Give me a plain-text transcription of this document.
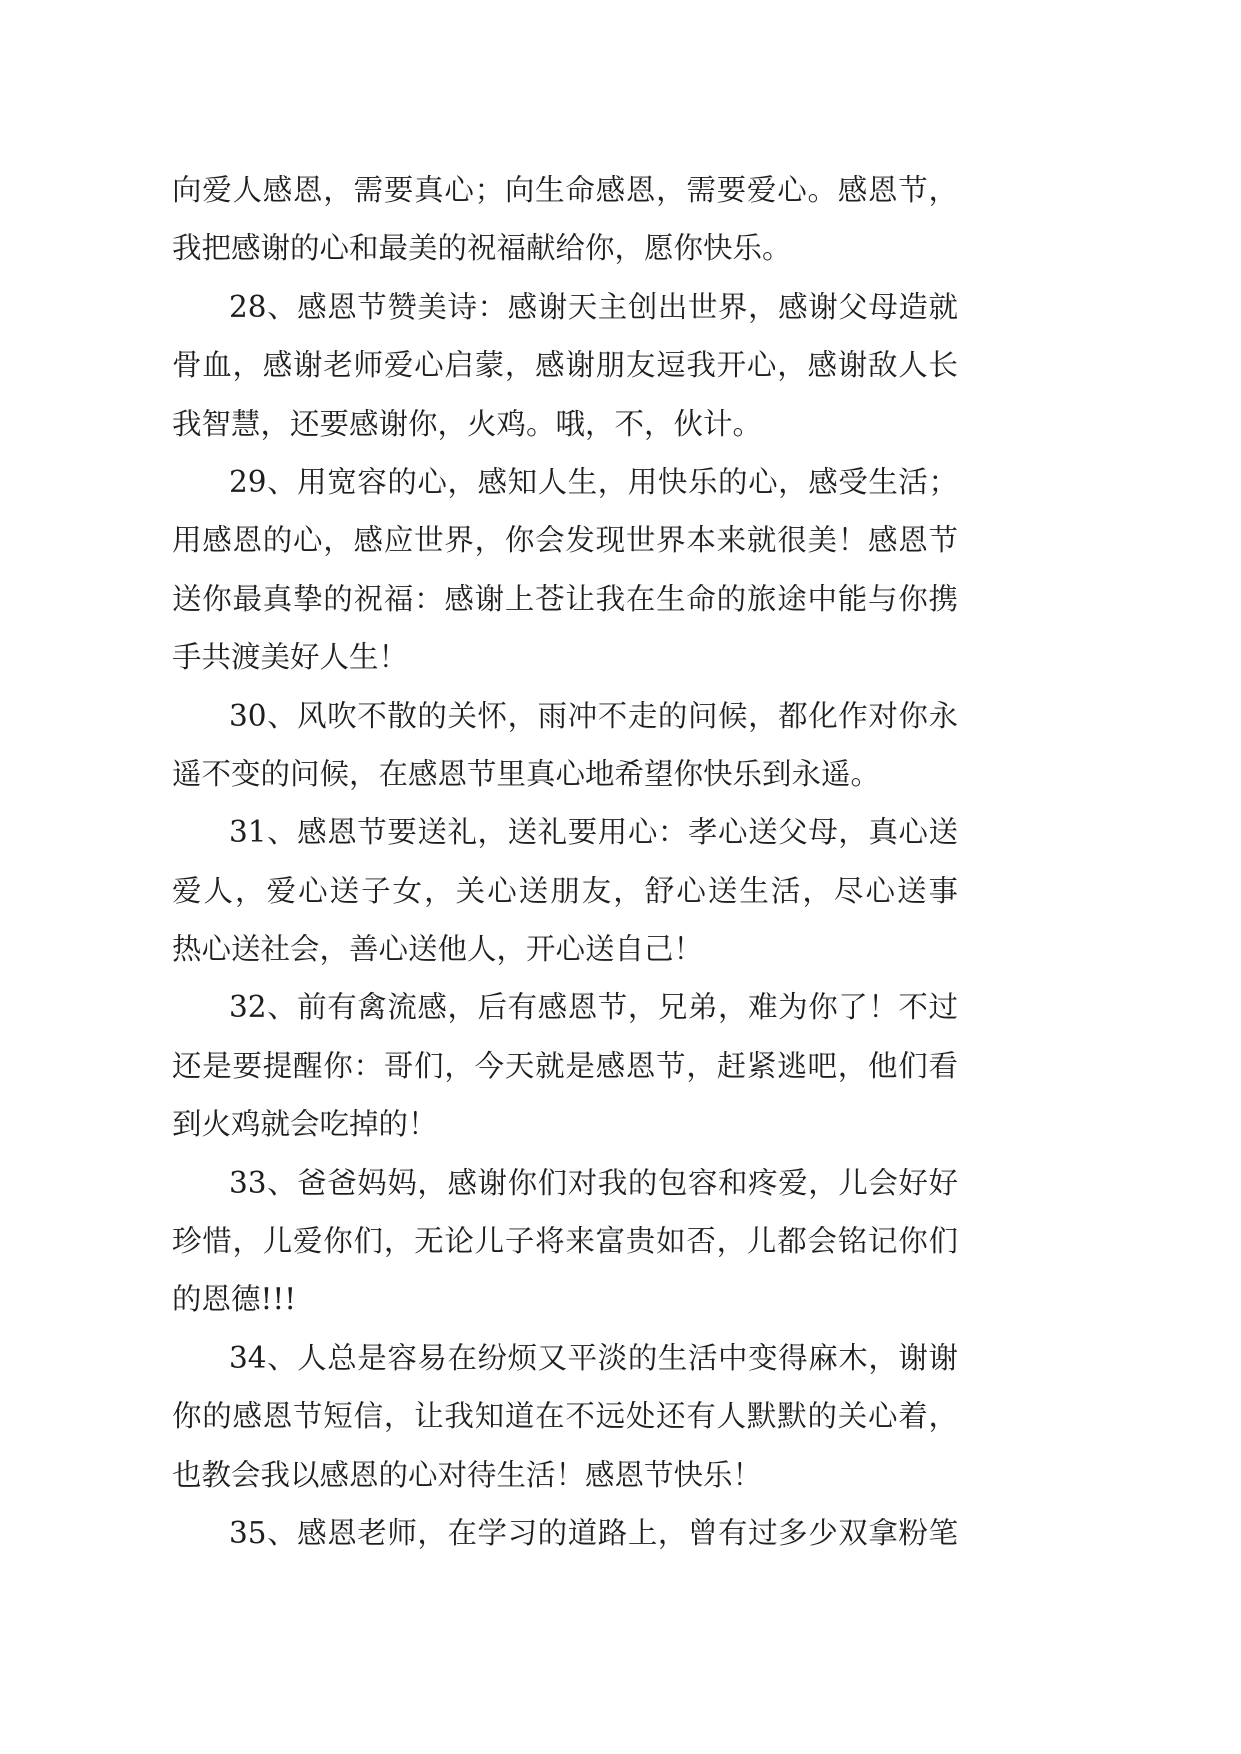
向爱人感恩，需要真心；向生命感恩，需要爱心。感恩节，
我把感谢的心和最美的祝福献给你，愿你快乐。
28、感恩节赞美诗：感谢天主创出世界，感谢父母造就
骨血，感谢老师爱心启蒙，感谢朋友逗我开心，感谢敌人长
我智慧，还要感谢你，火鸡。哦，不，伙计。
29、用宽容的心，感知人生，用快乐的心，感受生活；
用感恩的心，感应世界，你会发现世界本来就很美！感恩节
送你最真挚的祝福：感谢上苍让我在生命的旅途中能与你携
手共渡美好人生！
30、风吹不散的关怀，雨冲不走的问候，都化作对你永
遥不变的问候，在感恩节里真心地希望你快乐到永遥。
31、感恩节要送礼，送礼要用心：孝心送父母，真心送
爱人，爱心送子女，关心送朋友，舒心送生活，尽心送事
热心送社会，善心送他人，开心送自己！
32、前有禽流感，后有感恩节，兄弟，难为你了！不过
还是要提醒你：哥们，今天就是感恩节，赶紧逃吧，他们看
到火鸡就会吃掉的！
33、爸爸妈妈，感谢你们对我的包容和疼爱，儿会好好
珍惜，儿爱你们，无论儿子将来富贵如否，儿都会铭记你们
的恩德!!!
34、人总是容易在纷烦又平淡的生活中变得麻木，谢谢
你的感恩节短信，让我知道在不远处还有人默默的关心着，
也教会我以感恩的心对待生活！感恩节快乐！
35、感恩老师，在学习的道路上，曾有过多少双拿粉笔
